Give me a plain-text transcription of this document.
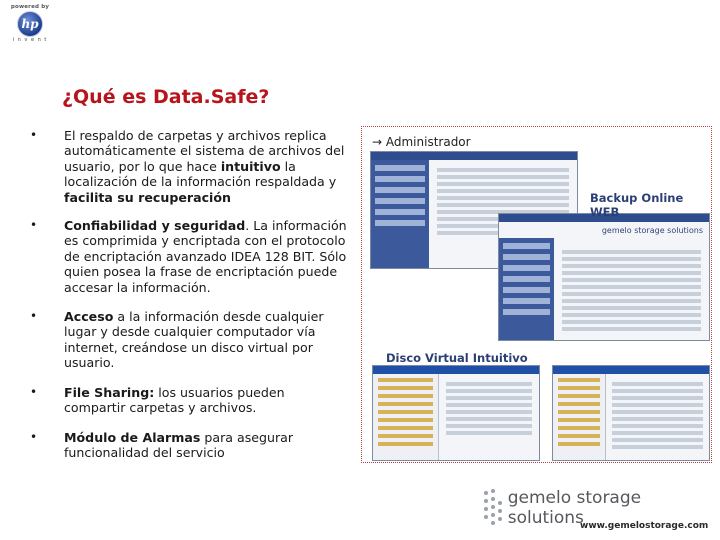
powered by
hp
i n v e n t
¿Qué es Data.Safe?
• El respaldo de carpetas y archivos replica automáticamente el sistema de archivos del usuario, por lo que hace intuitivo la localización de la información respaldada y facilita su recuperación
• Confiabilidad y seguridad. La información es comprimida y encriptada con el protocolo de encriptación avanzado IDEA 128 BIT. Sólo quien posea la frase de encriptación puede accesar la información.
• Acceso a la información desde cualquier lugar y desde cualquier computador vía internet, creándose un disco virtual por usuario.
• File Sharing: los usuarios pueden compartir carpetas y archivos.
• Módulo de Alarmas para asegurar funcionalidad del servicio
→ Administrador
gemelo storage solutions
Backup Online WEB
Disco Virtual Intuitivo
gemelo storage solutions
www.gemelostorage.com
